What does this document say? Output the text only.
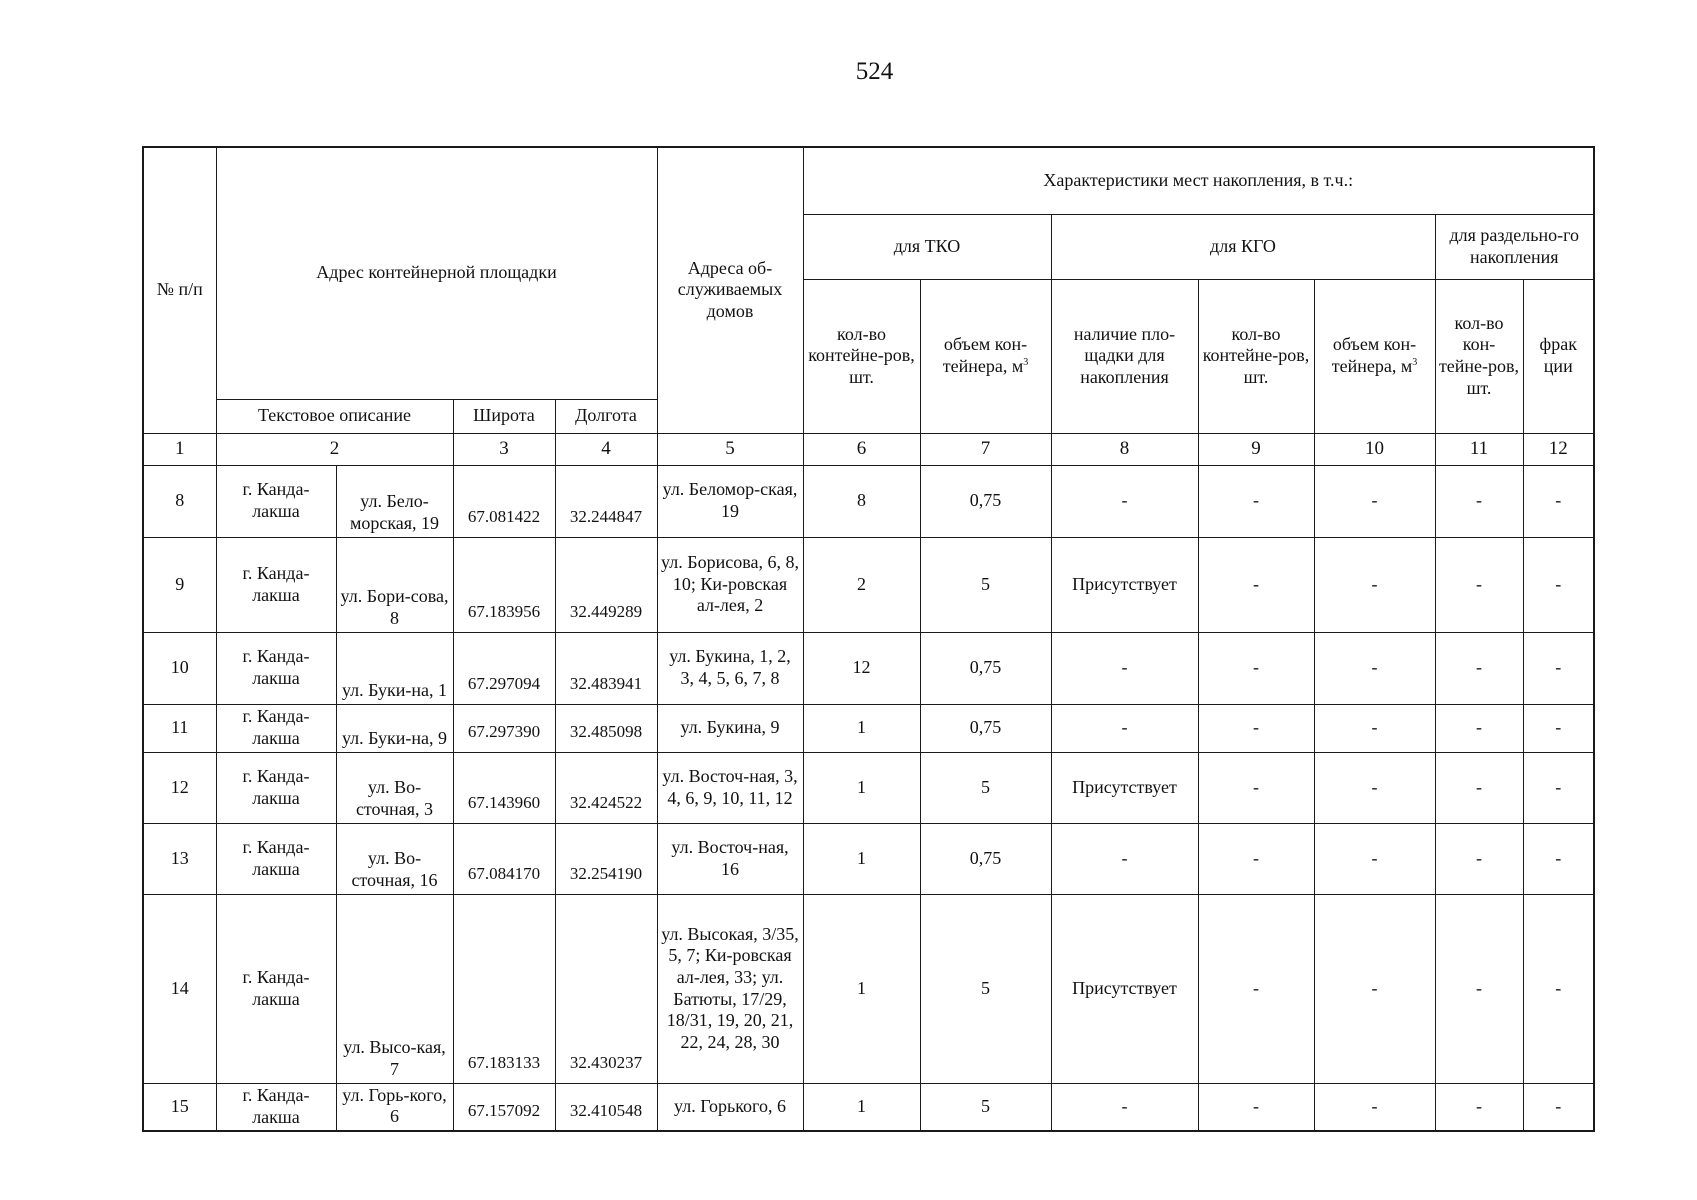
524
№ п/п	Адрес контейнерной площадки				Адреса об-служиваемых домов	Характеристики мест накопления, в т.ч.:						
						для ТКО		для КГО			для раздельно-го накопления	
						кол-во контейне-ров, шт.	объем кон-тейнера, $м^3$	наличие пло-щадки для накопления	кол-во контейне-ров, шт.	объем кон-тейнера, $м^3$	кол-во кон-тейне-ров, шт.	фрак ции
	Текстовое описание		Широта	Долгота								
1	2		3	4	5	6	7	8	9	10	11	12
8	г. Канда-лакша	ул. Бело-морская, 19	67.081422	32.244847	ул. Беломор-ская, 19	8	0,75	-	-	-	-	-
9	г. Канда-лакша	ул. Бори-сова, 8	67.183956	32.449289	ул. Борисова, 6, 8, 10; Ки-ровская ал-лея, 2	2	5	Присутствует	-	-	-	-
10	г. Канда-лакша	ул. Буки-на, 1	67.297094	32.483941	ул. Букина, 1, 2, 3, 4, 5, 6, 7, 8	12	0,75	-	-	-	-	-
11	г. Канда-лакша	ул. Буки-на, 9	67.297390	32.485098	ул. Букина, 9	1	0,75	-	-	-	-	-
12	г. Канда-лакша	ул. Во-сточная, 3	67.143960	32.424522	ул. Восточ-ная, 3, 4, 6, 9, 10, 11, 12	1	5	Присутствует	-	-	-	-
13	г. Канда-лакша	ул. Во-сточная, 16	67.084170	32.254190	ул. Восточ-ная, 16	1	0,75	-	-	-	-	-
14	г. Канда-лакша	ул. Высо-кая, 7	67.183133	32.430237	ул. Высокая, 3/35, 5, 7; Ки-ровская ал-лея, 33; ул. Батюты, 17/29, 18/31, 19, 20, 21, 22, 24, 28, 30	1	5	Присутствует	-	-	-	-
15	г. Канда-лакша	ул. Горь-кого, 6	67.157092	32.410548	ул. Горького, 6	1	5	-	-	-	-	-
